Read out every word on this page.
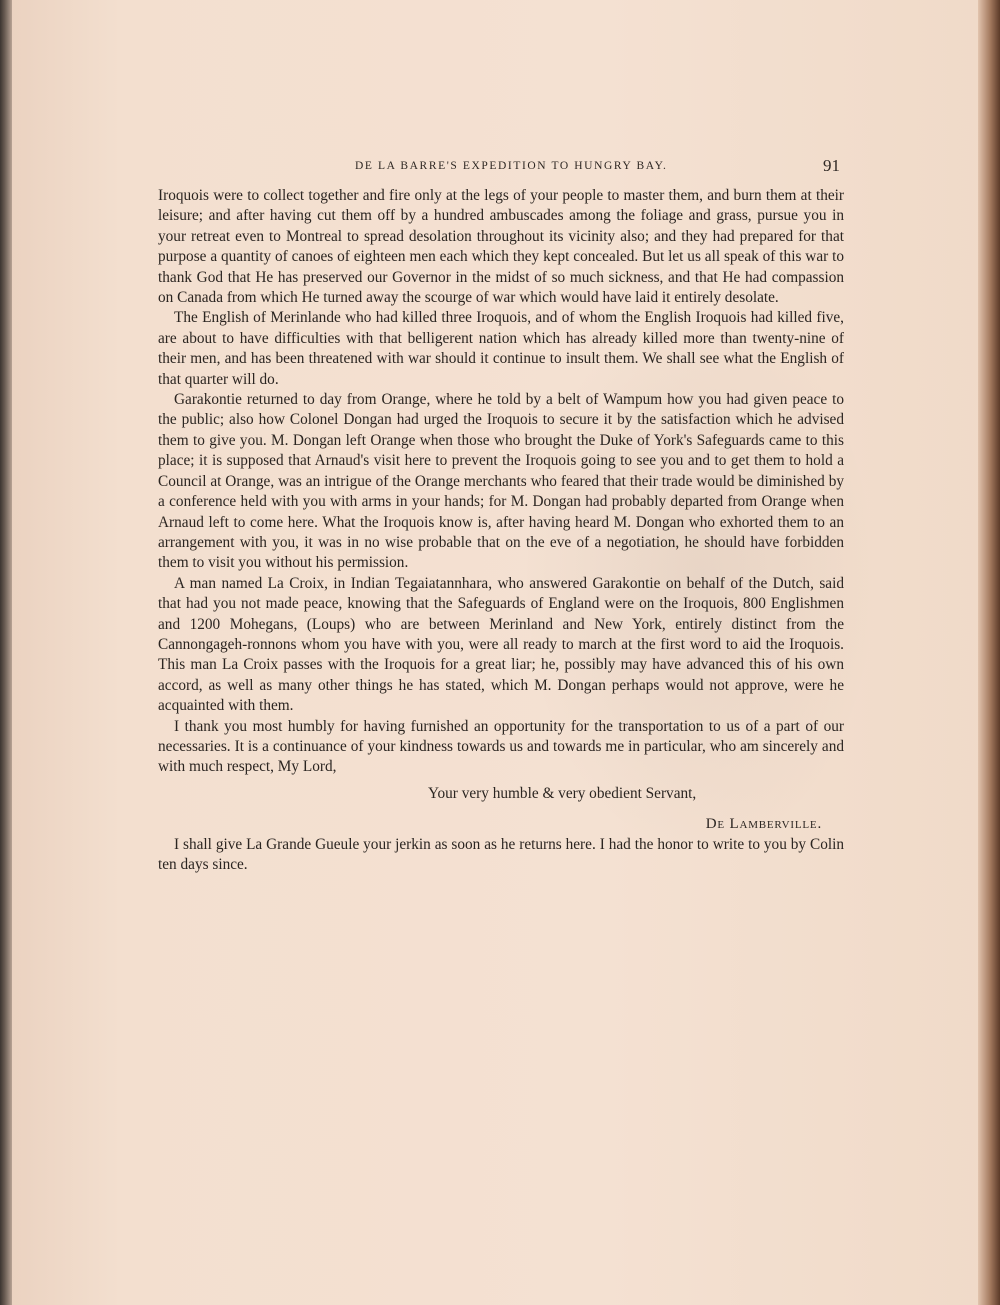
DE LA BARRE'S EXPEDITION TO HUNGRY BAY.	91

Iroquois were to collect together and fire only at the legs of your people to master them, and burn them at their leisure; and after having cut them off by a hundred ambuscades among the foliage and grass, pursue you in your retreat even to Montreal to spread desolation throughout its vicinity also; and they had prepared for that purpose a quantity of canoes of eighteen men each which they kept concealed. But let us all speak of this war to thank God that He has preserved our Governor in the midst of so much sickness, and that He had compassion on Canada from which He turned away the scourge of war which would have laid it entirely desolate.

The English of Merinlande who had killed three Iroquois, and of whom the English Iroquois had killed five, are about to have difficulties with that belligerent nation which has already killed more than twenty-nine of their men, and has been threatened with war should it continue to insult them. We shall see what the English of that quarter will do.

Garakontie returned to day from Orange, where he told by a belt of Wampum how you had given peace to the public; also how Colonel Dongan had urged the Iroquois to secure it by the satisfaction which he advised them to give you. M. Dongan left Orange when those who brought the Duke of York's Safeguards came to this place; it is supposed that Arnaud's visit here to prevent the Iroquois going to see you and to get them to hold a Council at Orange, was an intrigue of the Orange merchants who feared that their trade would be diminished by a conference held with you with arms in your hands; for M. Dongan had probably departed from Orange when Arnaud left to come here. What the Iroquois know is, after having heard M. Dongan who exhorted them to an arrangement with you, it was in no wise probable that on the eve of a negotiation, he should have forbidden them to visit you without his permission.

A man named La Croix, in Indian Tegaiatannhara, who answered Garakontie on behalf of the Dutch, said that had you not made peace, knowing that the Safeguards of England were on the Iroquois, 800 Englishmen and 1200 Mohegans, (Loups) who are between Merinland and New York, entirely distinct from the Cannongageh-ronnons whom you have with you, were all ready to march at the first word to aid the Iroquois. This man La Croix passes with the Iroquois for a great liar; he, possibly may have advanced this of his own accord, as well as many other things he has stated, which M. Dongan perhaps would not approve, were he acquainted with them.

I thank you most humbly for having furnished an opportunity for the transportation to us of a part of our necessaries. It is a continuance of your kindness towards us and towards me in particular, who am sincerely and with much respect, My Lord,

Your very humble & very obedient Servant,
De Lamberville.

I shall give La Grande Gueule your jerkin as soon as he returns here. I had the honor to write to you by Colin ten days since.
